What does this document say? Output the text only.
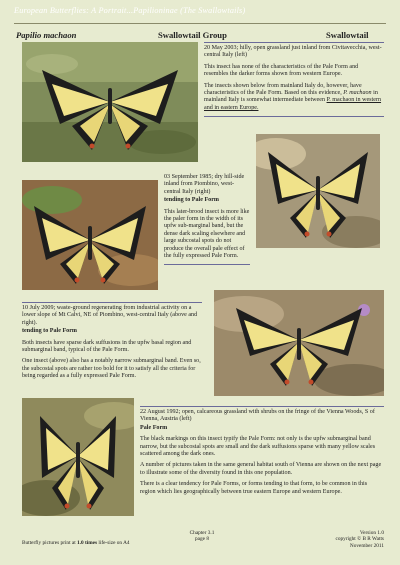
European Butterflies: A Portrait...Papilioninae (The Swallowtails)
Papilio machaon	Swallowtail Group	Swallowtail

20 May 2003; hilly, open grassland just inland from Civitavecchia, west-central Italy (left)

This insect has none of the characteristics of the Pale Form and resembles the darker forms shown from western Europe.

The insects shown below from mainland Italy do, however, have characteristics of the Pale Form. Based on this evidence, P. machaon in mainland Italy is somewhat intermediate between P. machaon in western and in eastern Europe.

03 September 1985; dry hill-side inland from Piombino, west-central Italy (right)

tending to Pale Form

This later-brood insect is more like the paler form in the width of its upfw sub-marginal band, but the dense dark scaling elsewhere and large subcostal spots do not produce the overall pale effect of the fully expressed Pale Form.

10 July 2009; waste-ground regenerating from industrial activity on a lower slope of Mt Calvi, NE of Piombino, west-central Italy (above and right).

tending to Pale Form

Both insects have sparse dark suffusions in the upfw basal region and submarginal band, typical of the Pale Form.

One insect (above) also has a notably narrow submarginal band. Even so, the subcostal spots are rather too bold for it to satisfy all the criteria for being regarded as a fully expressed Pale Form.

22 August 1992; open, calcareous grassland with shrubs on the fringe of the Vienna Woods, S of Vienna, Austria (left)

Pale Form

The black markings on this insect typify the Pale Form: not only is the upfw submarginal band narrow, but the subcostal spots are small and the dark suffusions sparse with many yellow scales scattered among the dark ones.

A number of pictures taken in the same general habitat south of Vienna are shown on the next page to illustrate some of the diversity found in this one population.

There is a clear tendency for Pale Forms, or forms tending to that form, to be common in this region which lies geographically between true eastern Europe and western Europe.

Butterfly pictures print at 1.0 times life-size on A4
Chapter 3.1
page 8
Version 1.0
copyright © B R Watts
November 2011
